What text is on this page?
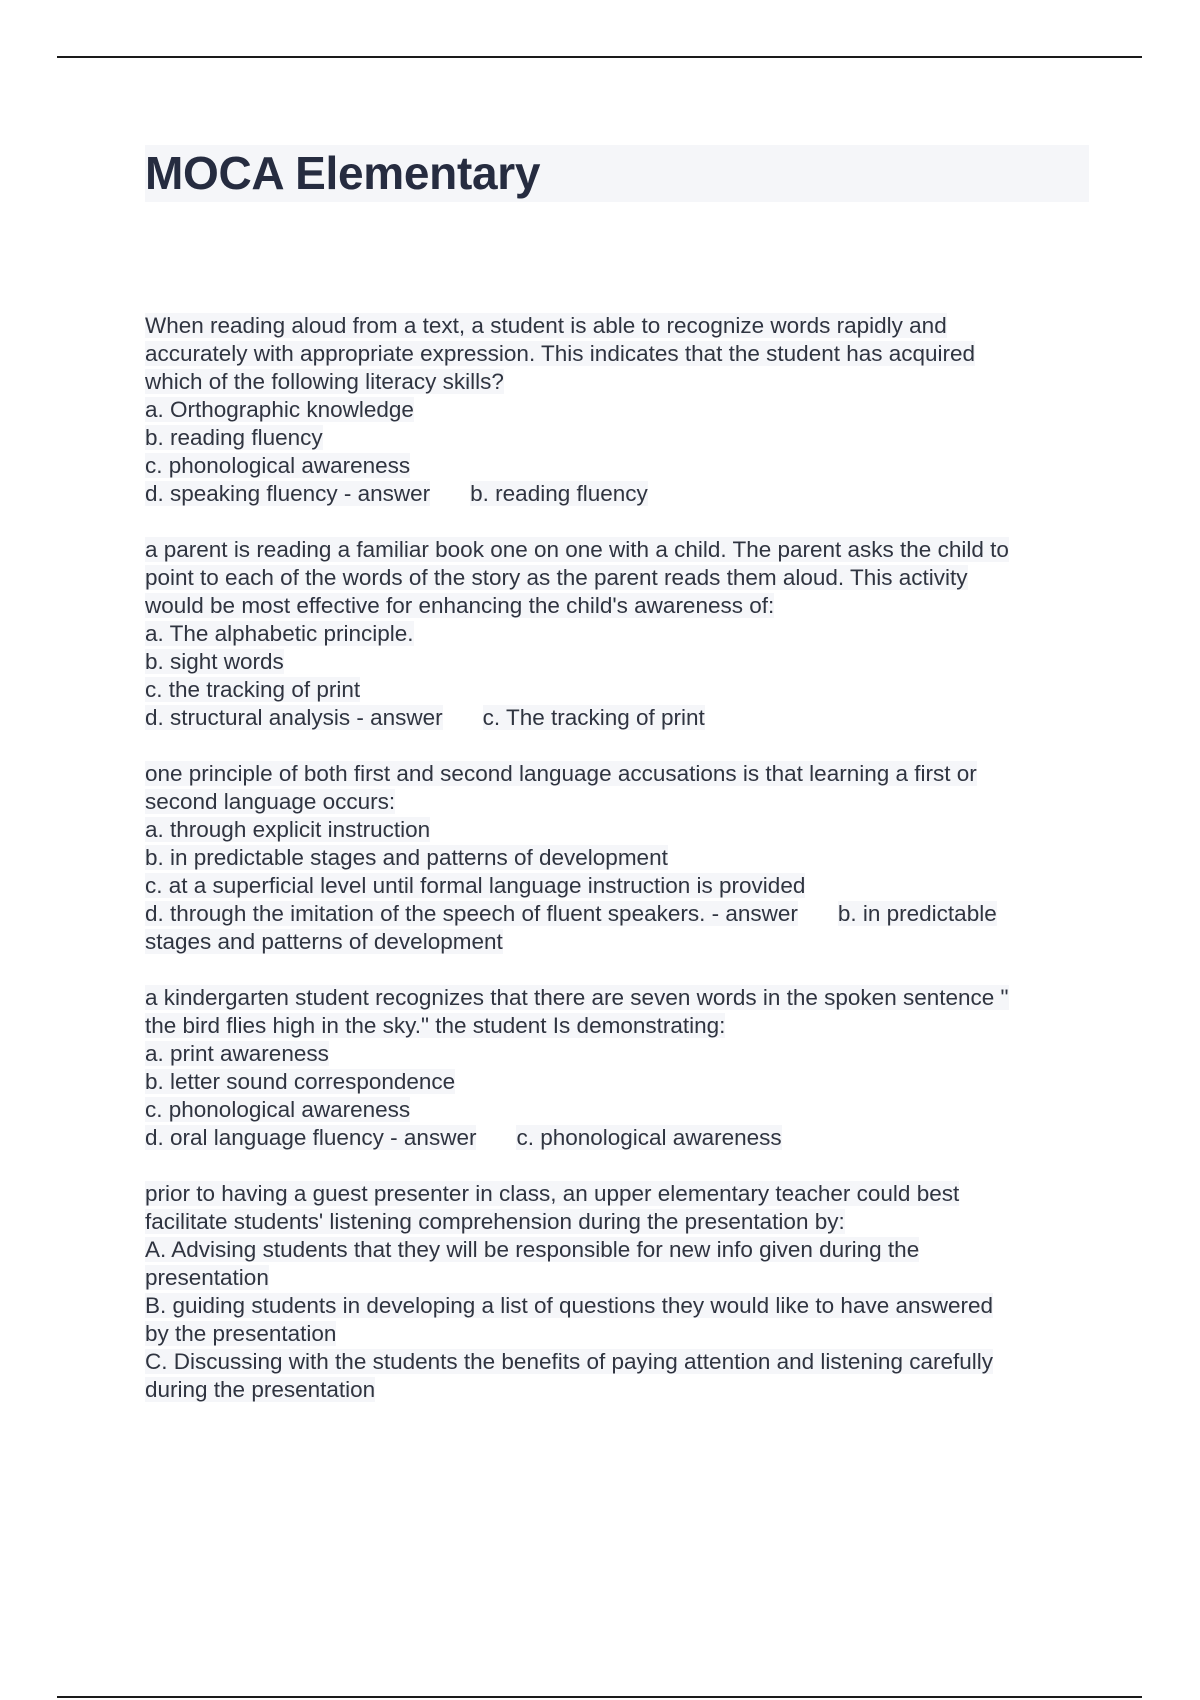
MOCA Elementary
When reading aloud from a text, a student is able to recognize words rapidly and
accurately with appropriate expression. This indicates that the student has acquired
which of the following literacy skills?
a. Orthographic knowledge
b. reading fluency
c. phonological awareness
d. speaking fluency - answer b. reading fluency
a parent is reading a familiar book one on one with a child. The parent asks the child to
point to each of the words of the story as the parent reads them aloud. This activity
would be most effective for enhancing the child's awareness of:
a. The alphabetic principle.
b. sight words
c. the tracking of print
d. structural analysis - answer c. The tracking of print
one principle of both first and second language accusations is that learning a first or
second language occurs:
a. through explicit instruction
b. in predictable stages and patterns of development
c. at a superficial level until formal language instruction is provided
d. through the imitation of the speech of fluent speakers. - answer b. in predictable
stages and patterns of development
a kindergarten student recognizes that there are seven words in the spoken sentence "
the bird flies high in the sky." the student Is demonstrating:
a. print awareness
b. letter sound correspondence
c. phonological awareness
d. oral language fluency - answer c. phonological awareness
prior to having a guest presenter in class, an upper elementary teacher could best
facilitate students' listening comprehension during the presentation by:
A. Advising students that they will be responsible for new info given during the
presentation
B. guiding students in developing a list of questions they would like to have answered
by the presentation
C. Discussing with the students the benefits of paying attention and listening carefully
during the presentation
